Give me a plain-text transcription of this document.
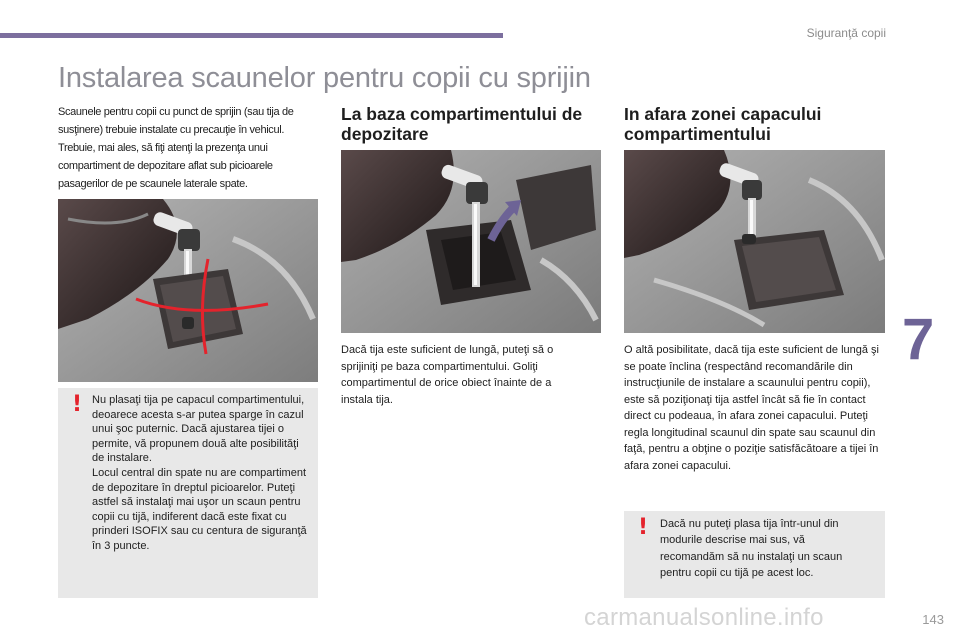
Siguranţă copii
Instalarea scaunelor pentru copii cu sprijin
Scaunele pentru copii cu punct de sprijin (sau tija de susţinere) trebuie instalate cu precauţie în vehicul. Trebuie, mai ales, să fiţi atenţi la prezenţa unui compartiment de depozitare aflat sub picioarele pasagerilor de pe scaunele laterale spate.
! Nu plasaţi tija pe capacul compartimentului, deoarece acesta s-ar putea sparge în cazul unui şoc puternic. Dacă ajustarea tijei o permite, vă propunem două alte posibilităţi de instalare.
Locul central din spate nu are compartiment de depozitare în dreptul picioarelor. Puteţi astfel să instalaţi mai uşor un scaun pentru copii cu tijă, indiferent dacă este fixat cu prinderi ISOFIX sau cu centura de siguranţă în 3 puncte.
La baza compartimentului de depozitare
Dacă tija este suficient de lungă, puteţi să o sprijiniţi pe baza compartimentului. Goliţi compartimentul de orice obiect înainte de a instala tija.
In afara zonei capacului compartimentului
O altă posibilitate, dacă tija este suficient de lungă şi se poate înclina (respectând recomandările din instrucţiunile de instalare a scaunului pentru copii), este să poziţionaţi tija astfel încât să fie în contact direct cu podeaua, în afara zonei capacului. Puteţi regla longitudinal scaunul din spate sau scaunul din faţă, pentru a obţine o poziţie satisfăcătoare a tijei în afara zonei capacului.
! Dacă nu puteţi plasa tija într-unul din modurile descrise mai sus, vă recomandăm să nu instalaţi un scaun pentru copii cu tijă pe acest loc.
7
carmanualsonline.info	143
